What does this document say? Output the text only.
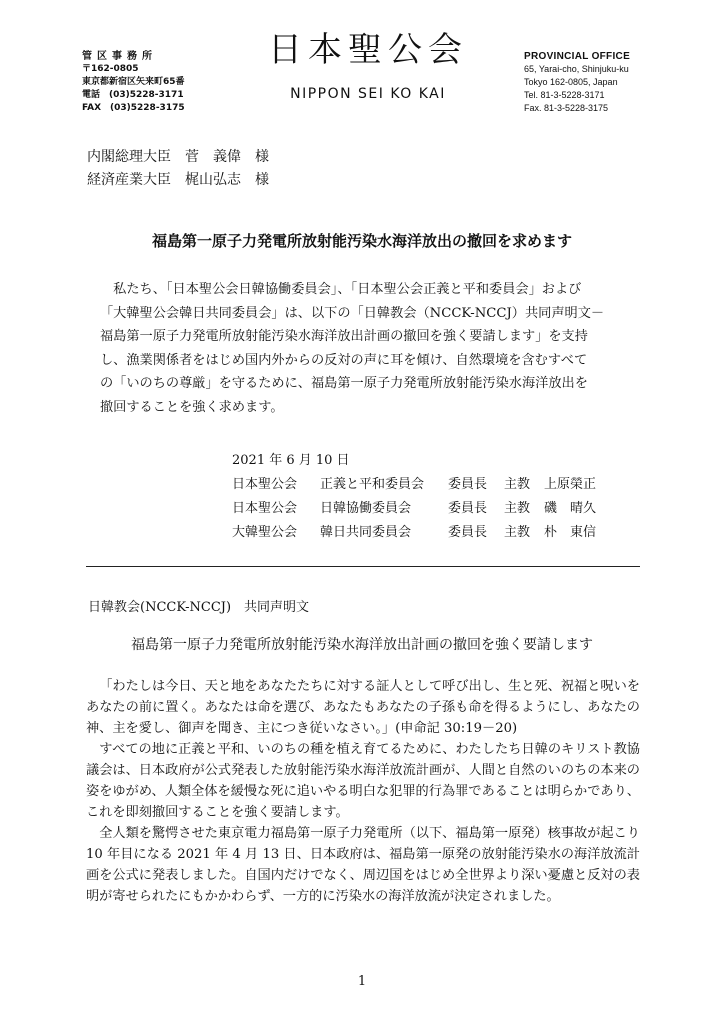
管区事務所
〒162-0805
東京都新宿区矢来町65番
電話　(03)5228-3171
FAX　(03)5228-3175
日本聖公会
NIPPON SEI KO KAI
PROVINCIAL OFFICE
65, Yarai-cho, Shinjuku-ku
Tokyo 162-0805, Japan
Tel. 81-3-5228-3171
Fax. 81-3-5228-3175
内閣総理大臣　菅　義偉　様
経済産業大臣　梶山弘志　様
福島第一原子力発電所放射能汚染水海洋放出の撤回を求めます
　私たち、「日本聖公会日韓協働委員会」、「日本聖公会正義と平和委員会」および
「大韓聖公会韓日共同委員会」は、以下の「日韓教会（NCCK-NCCJ）共同声明文－
福島第一原子力発電所放射能汚染水海洋放出計画の撤回を強く要請します」を支持
し、漁業関係者をはじめ国内外からの反対の声に耳を傾け、自然環境を含むすべて
の「いのちの尊厳」を守るために、福島第一原子力発電所放射能汚染水海洋放出を
撤回することを強く求めます。
2021 年 6 月 10 日
日本聖公会	正義と平和委員会	委員長	主教	上原榮正
日本聖公会	日韓協働委員会	委員長	主教	磯　晴久
大韓聖公会	韓日共同委員会	委員長	主教	朴　東信
日韓教会(NCCK-NCCJ)　共同声明文
福島第一原子力発電所放射能汚染水海洋放出計画の撤回を強く要請します

「わたしは今日、天と地をあなたたちに対する証人として呼び出し、生と死、祝福と呪いをあなたの前に置く。あなたは命を選び、あなたもあなたの子孫も命を得るようにし、あなたの神、主を愛し、御声を聞き、主につき従いなさい。」(申命記 30:19－20)

すべての地に正義と平和、いのちの種を植え育てるために、わたしたち日韓のキリスト教協議会は、日本政府が公式発表した放射能汚染水海洋放流計画が、人間と自然のいのちの本来の姿をゆがめ、人類全体を緩慢な死に追いやる明白な犯罪的行為罪であることは明らかであり、これを即刻撤回することを強く要請します。

全人類を驚愕させた東京電力福島第一原子力発電所（以下、福島第一原発）核事故が起こり 10 年目になる 2021 年 4 月 13 日、日本政府は、福島第一原発の放射能汚染水の海洋放流計画を公式に発表しました。自国内だけでなく、周辺国をはじめ全世界より深い憂慮と反対の表明が寄せられたにもかかわらず、一方的に汚染水の海洋放流が決定されました。

1
